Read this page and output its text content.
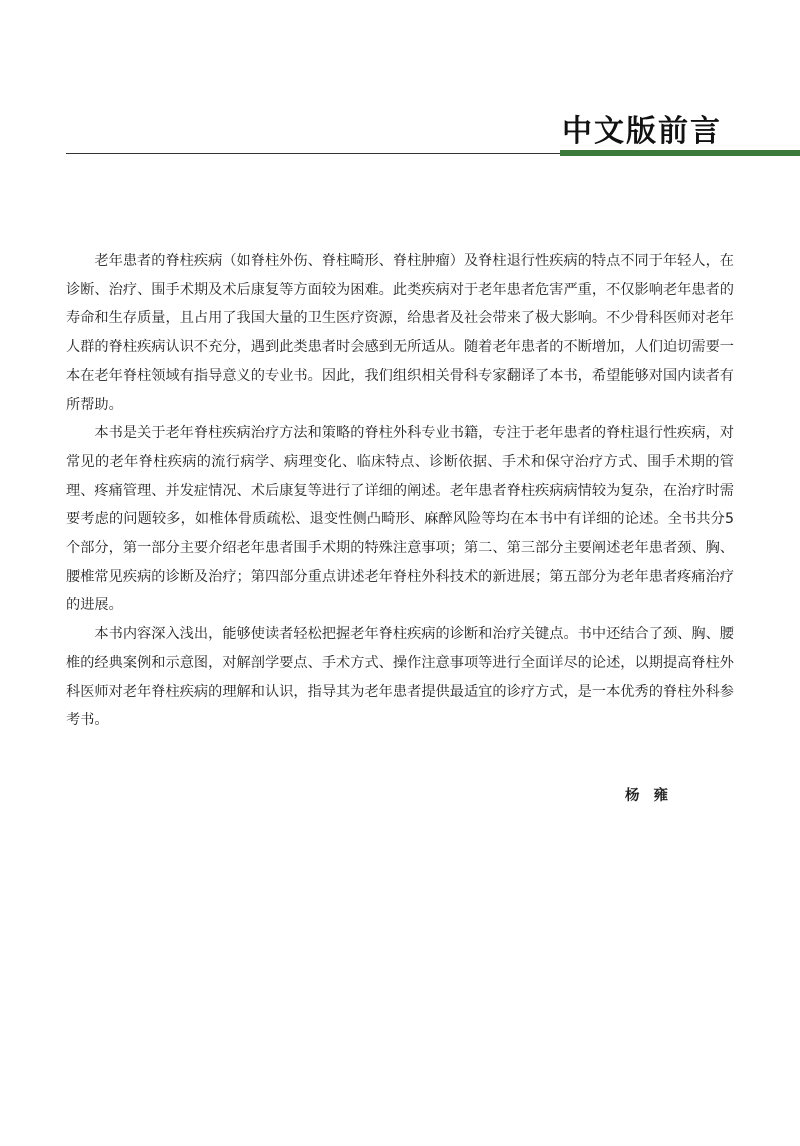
中文版前言

老年患者的脊柱疾病（如脊柱外伤、脊柱畸形、脊柱肿瘤）及脊柱退行性疾病的特点不同于年轻人，在诊断、治疗、围手术期及术后康复等方面较为困难。此类疾病对于老年患者危害严重，不仅影响老年患者的寿命和生存质量，且占用了我国大量的卫生医疗资源，给患者及社会带来了极大影响。不少骨科医师对老年人群的脊柱疾病认识不充分，遇到此类患者时会感到无所适从。随着老年患者的不断增加，人们迫切需要一本在老年脊柱领域有指导意义的专业书。因此，我们组织相关骨科专家翻译了本书，希望能够对国内读者有所帮助。

本书是关于老年脊柱疾病治疗方法和策略的脊柱外科专业书籍，专注于老年患者的脊柱退行性疾病，对常见的老年脊柱疾病的流行病学、病理变化、临床特点、诊断依据、手术和保守治疗方式、围手术期的管理、疼痛管理、并发症情况、术后康复等进行了详细的阐述。老年患者脊柱疾病病情较为复杂，在治疗时需要考虑的问题较多，如椎体骨质疏松、退变性侧凸畸形、麻醉风险等均在本书中有详细的论述。全书共分5个部分，第一部分主要介绍老年患者围手术期的特殊注意事项；第二、第三部分主要阐述老年患者颈、胸、腰椎常见疾病的诊断及治疗；第四部分重点讲述老年脊柱外科技术的新进展；第五部分为老年患者疼痛治疗的进展。

本书内容深入浅出，能够使读者轻松把握老年脊柱疾病的诊断和治疗关键点。书中还结合了颈、胸、腰椎的经典案例和示意图，对解剖学要点、手术方式、操作注意事项等进行全面详尽的论述，以期提高脊柱外科医师对老年脊柱疾病的理解和认识，指导其为老年患者提供最适宜的诊疗方式，是一本优秀的脊柱外科参考书。

杨雍
